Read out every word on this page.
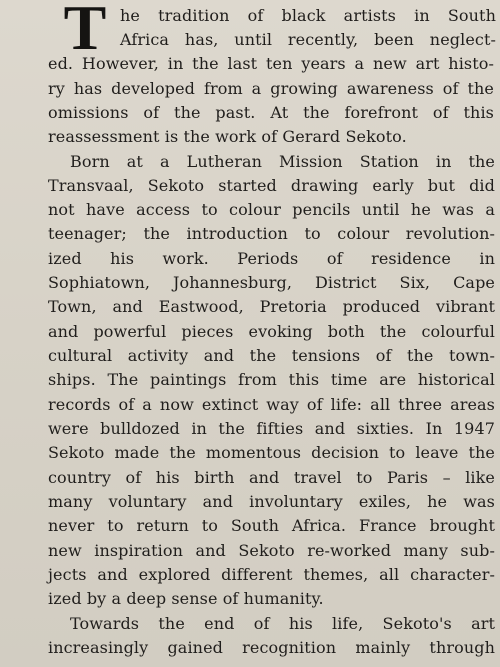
T he tradition of black artists in South
Africa has, until recently, been neglect-
ed. However, in the last ten years a new art histo-
ry has developed from a growing awareness of the
omissions of the past. At the forefront of this
reassessment is the work of Gerard Sekoto.
Born at a Lutheran Mission Station in the
Transvaal, Sekoto started drawing early but did
not have access to colour pencils until he was a
teenager; the introduction to colour revolution-
ized his work. Periods of residence in
Sophiatown, Johannesburg, District Six, Cape
Town, and Eastwood, Pretoria produced vibrant
and powerful pieces evoking both the colourful
cultural activity and the tensions of the town-
ships. The paintings from this time are historical
records of a now extinct way of life: all three areas
were bulldozed in the fifties and sixties. In 1947
Sekoto made the momentous decision to leave the
country of his birth and travel to Paris – like
many voluntary and involuntary exiles, he was
never to return to South Africa. France brought
new inspiration and Sekoto re-worked many sub-
jects and explored different themes, all character-
ized by a deep sense of humanity.
Towards the end of his life, Sekoto's art
increasingly gained recognition mainly through
